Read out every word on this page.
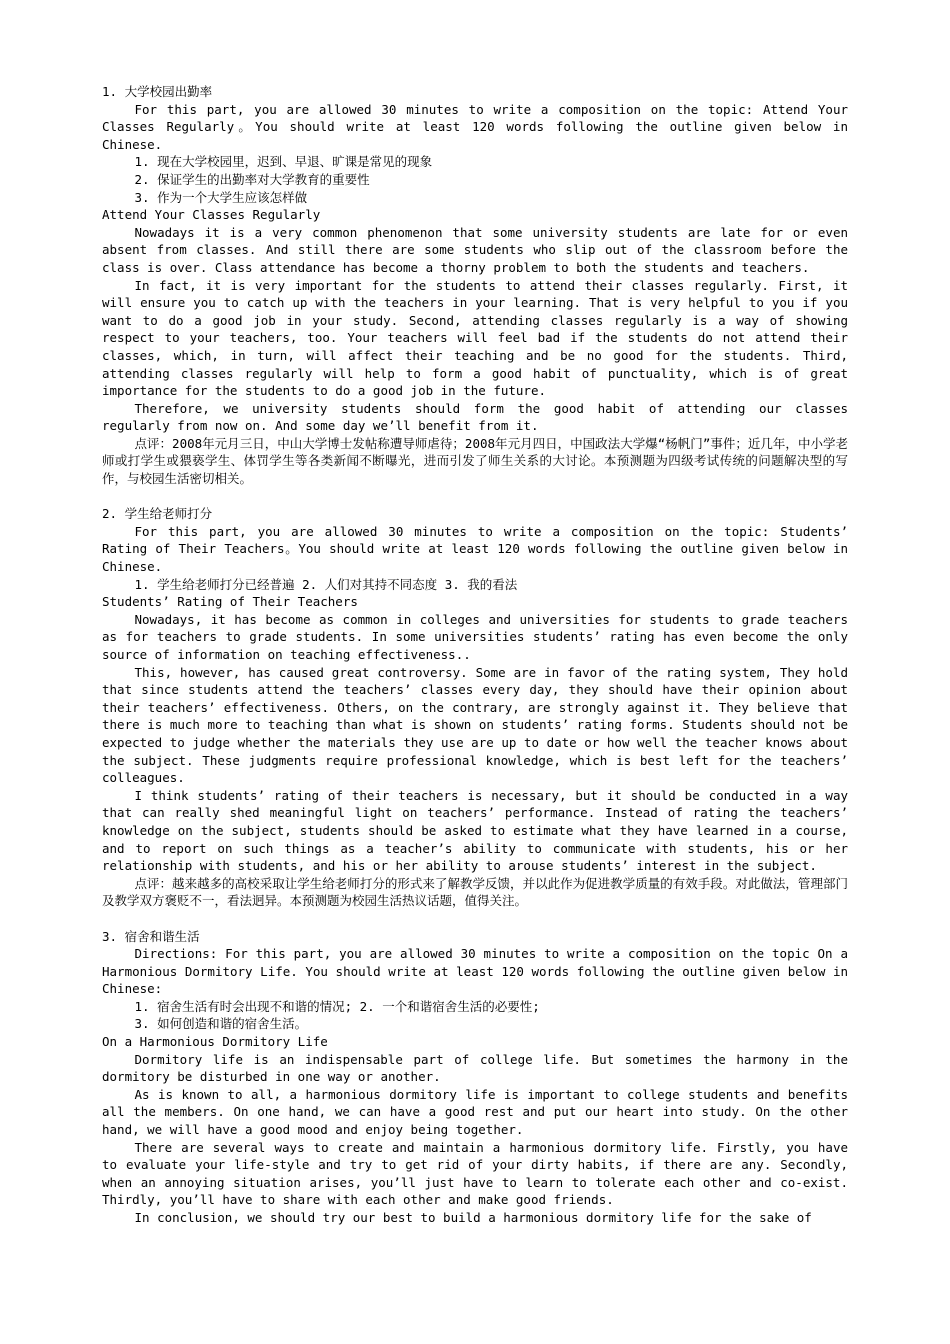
1. 大学校园出勤率

For this part, you are allowed 30 minutes to write a composition on the topic: Attend Your Classes Regularly。You should write at least 120 words following the outline given below in Chinese.

1. 现在大学校园里，迟到、早退、旷课是常见的现象

2. 保证学生的出勤率对大学教育的重要性

3. 作为一个大学生应该怎样做

Attend Your Classes Regularly

Nowadays it is a very common phenomenon that some university students are late for or even absent from classes. And still there are some students who slip out of the classroom before the class is over. Class attendance has become a thorny problem to both the students and teachers.

In fact, it is very important for the students to attend their classes regularly. First, it will ensure you to catch up with the teachers in your learning. That is very helpful to you if you want to do a good job in your study. Second, attending classes regularly is a way of showing respect to your teachers, too. Your teachers will feel bad if the students do not attend their classes, which, in turn, will affect their teaching and be no good for the students. Third, attending classes regularly will help to form a good habit of punctuality, which is of great importance for the students to do a good job in the future.

Therefore, we university students should form the good habit of attending our classes regularly from now on. And some day we’ll benefit from it.

点评：2008年元月三日，中山大学博士发帖称遭导师虐待；2008年元月四日，中国政法大学爆“杨帆门”事件；近几年，中小学老师或打学生或猥亵学生、体罚学生等各类新闻不断曝光，进而引发了师生关系的大讨论。本预测题为四级考试传统的问题解决型的写作，与校园生活密切相关。

2. 学生给老师打分

For this part, you are allowed 30 minutes to write a composition on the topic: Students’ Rating of Their Teachers。You should write at least 120 words following the outline given below in Chinese.

1. 学生给老师打分已经普遍 2. 人们对其持不同态度 3. 我的看法

Students’ Rating of Their Teachers

Nowadays, it has become as common in colleges and universities for students to grade teachers as for teachers to grade students. In some universities students’ rating has even become the only source of information on teaching effectiveness..

This, however, has caused great controversy. Some are in favor of the rating system, They hold that since students attend the teachers’ classes every day, they should have their opinion about their teachers’ effectiveness. Others, on the contrary, are strongly against it. They believe that there is much more to teaching than what is shown on students’ rating forms. Students should not be expected to judge whether the materials they use are up to date or how well the teacher knows about the subject. These judgments require professional knowledge, which is best left for the teachers’ colleagues.

I think students’ rating of their teachers is necessary, but it should be conducted in a way that can really shed meaningful light on teachers’ performance. Instead of rating the teachers’ knowledge on the subject, students should be asked to estimate what they have learned in a course, and to report on such things as a teacher’s ability to communicate with students, his or her relationship with students, and his or her ability to arouse students’ interest in the subject.

点评：越来越多的高校采取让学生给老师打分的形式来了解教学反馈，并以此作为促进教学质量的有效手段。对此做法，管理部门及教学双方褒贬不一，看法迥异。本预测题为校园生活热议话题，值得关注。

3. 宿舍和谐生活

Directions: For this part, you are allowed 30 minutes to write a composition on the topic On a Harmonious Dormitory Life. You should write at least 120 words following the outline given below in Chinese:

1. 宿舍生活有时会出现不和谐的情况; 2. 一个和谐宿舍生活的必要性;

3. 如何创造和谐的宿舍生活。

On a Harmonious Dormitory Life

Dormitory life is an indispensable part of college life. But sometimes the harmony in the dormitory be disturbed in one way or another.

As is known to all, a harmonious dormitory life is important to college students and benefits all the members. On one hand, we can have a good rest and put our heart into study. On the other hand, we will have a good mood and enjoy being together.

There are several ways to create and maintain a harmonious dormitory life. Firstly, you have to evaluate your life-style and try to get rid of your dirty habits, if there are any. Secondly, when an annoying situation arises, you’ll just have to learn to tolerate each other and co-exist. Thirdly, you’ll have to share with each other and make good friends.

In conclusion, we should try our best to build a harmonious dormitory life for the sake of
